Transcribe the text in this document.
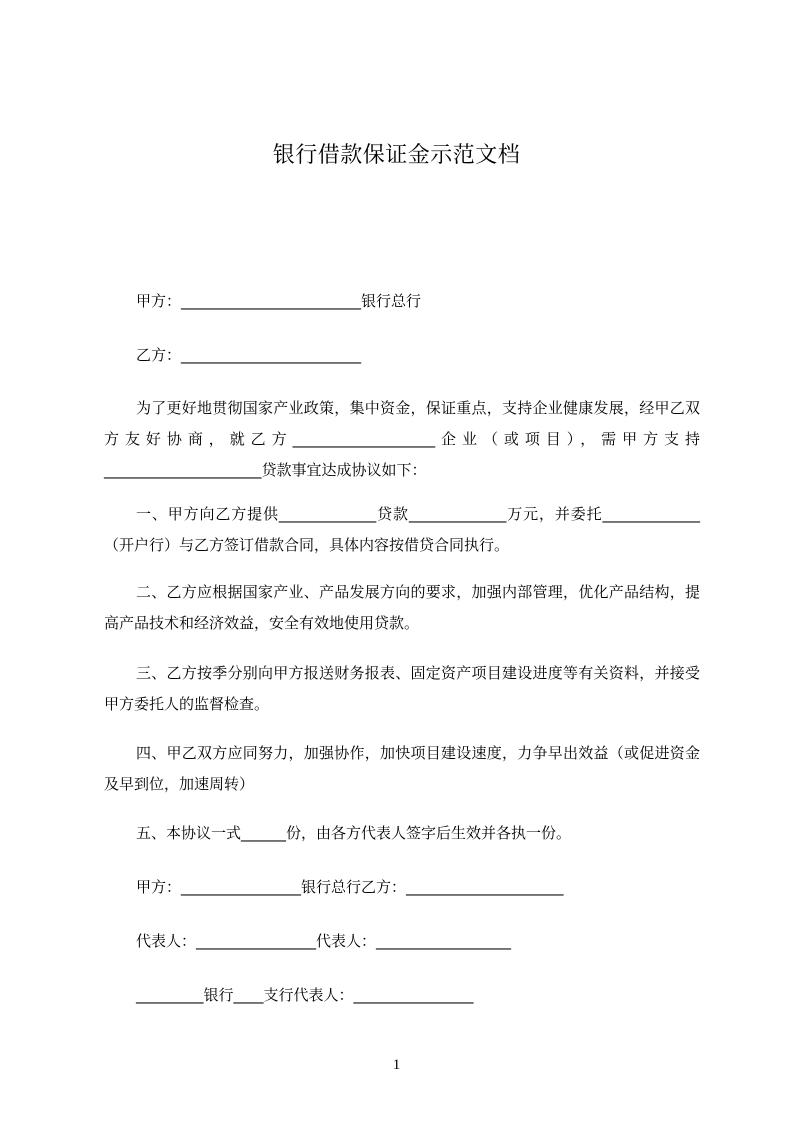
银行借款保证金示范文档
甲方：________________________银行总行
乙方：________________________
为了更好地贯彻国家产业政策，集中资金，保证重点，支持企业健康发展，经甲乙双方友好协商，就乙方___________________企业（或项目），需甲方支持_____________________贷款事宜达成协议如下：
一、甲方向乙方提供_____________贷款_____________万元，并委托_____________（开户行）与乙方签订借款合同，具体内容按借贷合同执行。
二、乙方应根据国家产业、产品发展方向的要求，加强内部管理，优化产品结构，提高产品技术和经济效益，安全有效地使用贷款。
三、乙方按季分别向甲方报送财务报表、固定资产项目建设进度等有关资料，并接受甲方委托人的监督检查。
四、甲乙双方应同努力，加强协作，加快项目建设速度，力争早出效益（或促进资金及早到位，加速周转）
五、本协议一式______份，由各方代表人签字后生效并各执一份。
甲方：________________银行总行乙方：_____________________
代表人：________________代表人：__________________
_________银行____支行代表人：________________
1
